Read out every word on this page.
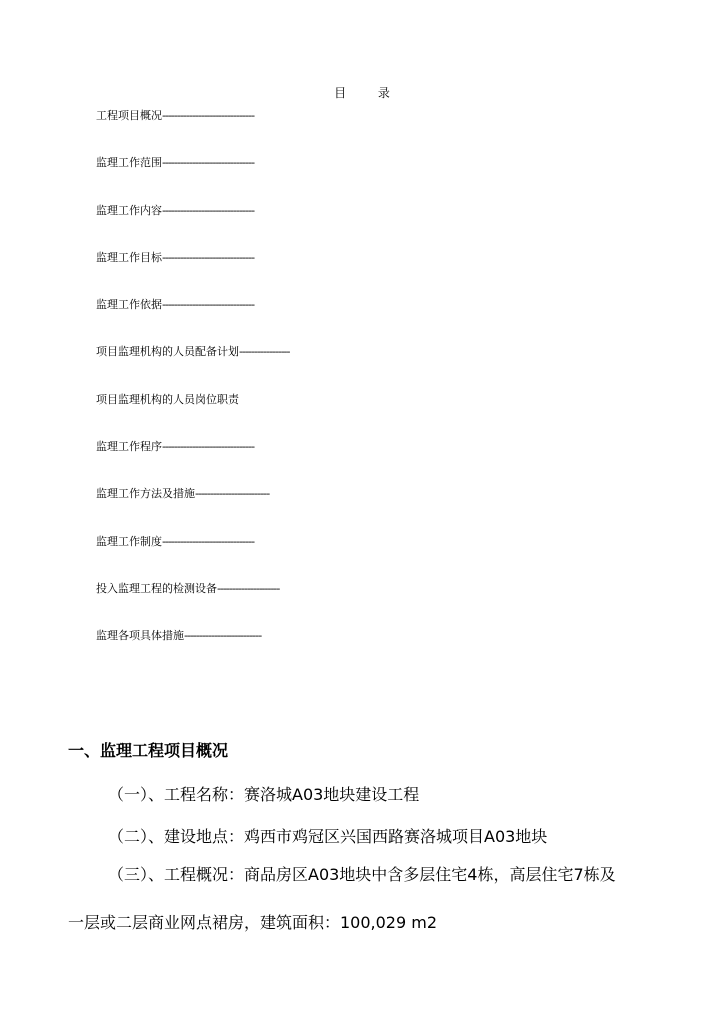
目 录
工程项目概况-------------------------------
监理工作范围-------------------------------
监理工作内容-------------------------------
监理工作目标-------------------------------
监理工作依据-------------------------------
项目监理机构的人员配备计划-----------------
项目监理机构的人员岗位职责
监理工作程序-------------------------------
监理工作方法及措施-------------------------
监理工作制度-------------------------------
投入监理工程的检测设备---------------------
监理各项具体措施--------------------------
一、监理工程项目概况
（一）、工程名称：赛洛城A03地块建设工程
（二）、建设地点：鸡西市鸡冠区兴国西路赛洛城项目A03地块
（三）、工程概况：商品房区A03地块中含多层住宅4栋，高层住宅7栋及
一层或二层商业网点裙房，建筑面积：100,029 m2
